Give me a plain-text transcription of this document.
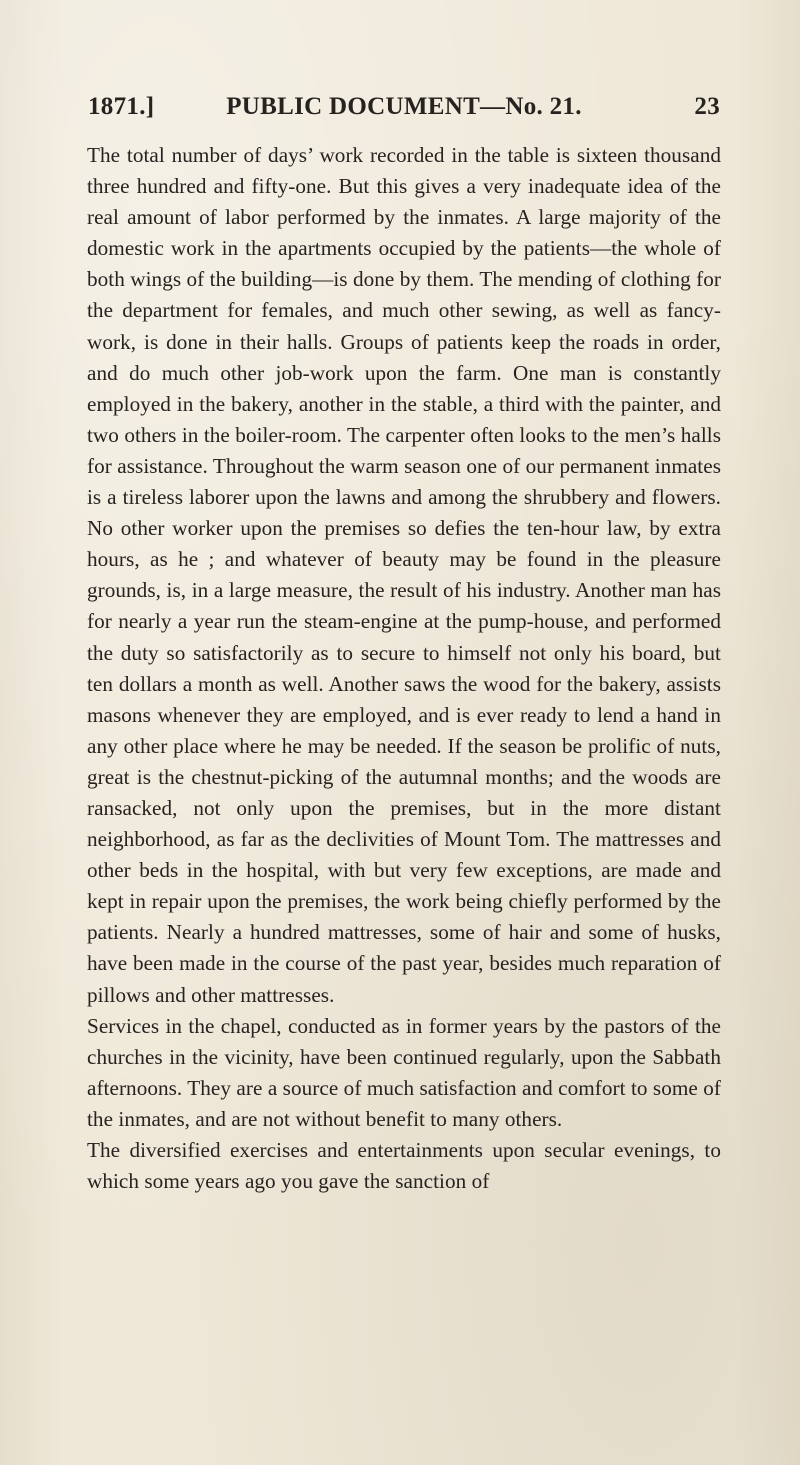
1871.]	PUBLIC DOCUMENT—No. 21.	23

The total number of days’ work recorded in the table is sixteen thousand three hundred and fifty-one. But this gives a very inadequate idea of the real amount of labor performed by the inmates. A large majority of the domestic work in the apartments occupied by the patients—the whole of both wings of the building—is done by them. The mending of clothing for the department for females, and much other sewing, as well as fancy-work, is done in their halls. Groups of patients keep the roads in order, and do much other job-work upon the farm. One man is constantly employed in the bakery, another in the stable, a third with the painter, and two others in the boiler-room. The carpenter often looks to the men’s halls for assistance. Throughout the warm season one of our permanent inmates is a tireless laborer upon the lawns and among the shrubbery and flowers. No other worker upon the premises so defies the ten-hour law, by extra hours, as he ; and whatever of beauty may be found in the pleasure grounds, is, in a large measure, the result of his industry. Another man has for nearly a year run the steam-engine at the pump-house, and performed the duty so satisfactorily as to secure to himself not only his board, but ten dollars a month as well. Another saws the wood for the bakery, assists masons whenever they are employed, and is ever ready to lend a hand in any other place where he may be needed. If the season be prolific of nuts, great is the chestnut-picking of the autumnal months; and the woods are ransacked, not only upon the premises, but in the more distant neighborhood, as far as the declivities of Mount Tom. The mattresses and other beds in the hospital, with but very few exceptions, are made and kept in repair upon the premises, the work being chiefly performed by the patients. Nearly a hundred mattresses, some of hair and some of husks, have been made in the course of the past year, besides much reparation of pillows and other mattresses.

Services in the chapel, conducted as in former years by the pastors of the churches in the vicinity, have been continued regularly, upon the Sabbath afternoons. They are a source of much satisfaction and comfort to some of the inmates, and are not without benefit to many others.

The diversified exercises and entertainments upon secular evenings, to which some years ago you gave the sanction of
